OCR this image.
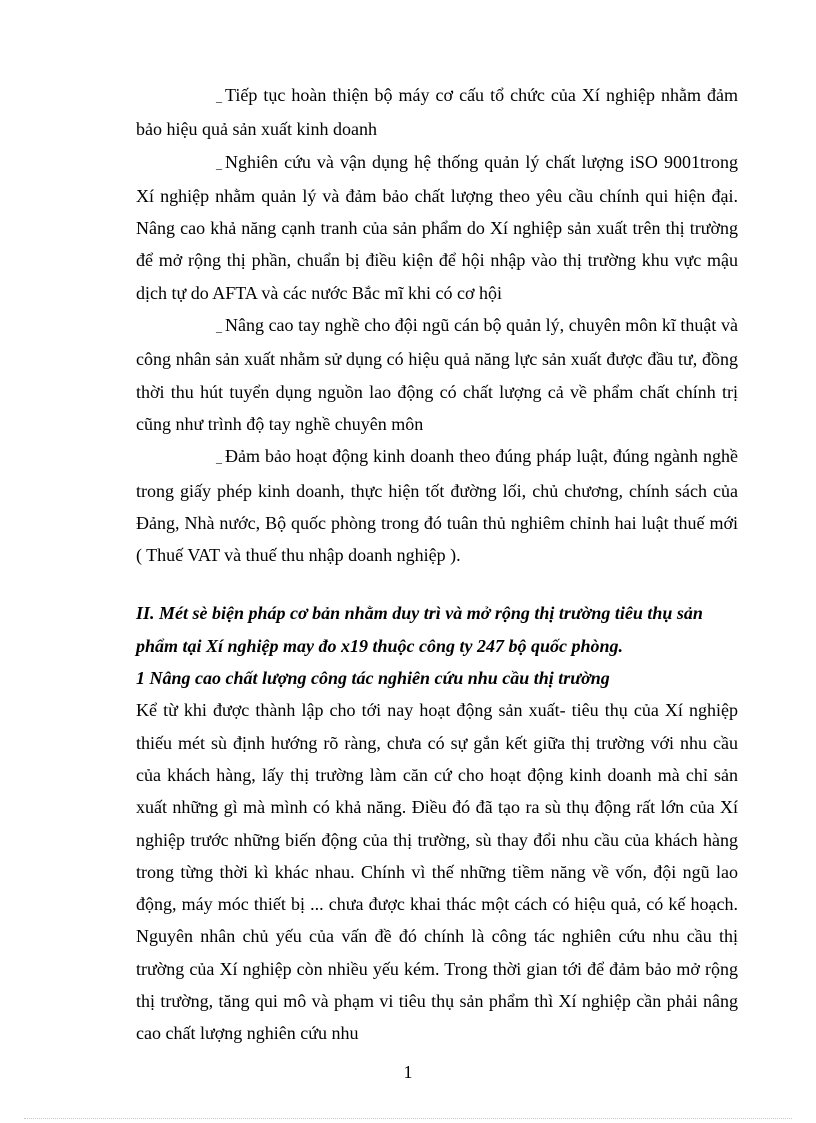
_ Tiếp tục hoàn thiện bộ máy cơ cấu tổ chức của Xí nghiệp nhằm đảm bảo hiệu quả sản xuất kinh doanh

_ Nghiên cứu và vận dụng hệ thống quản lý chất lượng iSO 9001trong Xí nghiệp nhằm quản lý và đảm bảo chất lượng theo yêu cầu chính qui hiện đại. Nâng cao khả năng cạnh tranh của sản phẩm do Xí nghiệp sản xuất trên thị trường để mở rộng thị phần, chuẩn bị điều kiện để hội nhập vào thị trường khu vực mậu dịch tự do AFTA và các nước Bắc mĩ khi có cơ hội

_ Nâng cao tay nghề cho đội ngũ cán bộ quản lý, chuyên môn kĩ thuật và công nhân sản xuất nhằm sử dụng có hiệu quả năng lực sản xuất được đầu tư, đồng thời thu hút tuyển dụng nguồn lao động có chất lượng cả về phẩm chất chính trị cũng như trình độ tay nghề chuyên môn

_ Đảm bảo hoạt động kinh doanh theo đúng pháp luật, đúng ngành nghề trong giấy phép kinh doanh, thực hiện tốt đường lối, chủ chương, chính sách của Đảng, Nhà nước, Bộ quốc phòng trong đó tuân thủ nghiêm chỉnh hai luật thuế mới ( Thuế VAT và thuế thu nhập doanh nghiệp ).

II. Mét sè biện pháp cơ bản nhằm duy trì và mở rộng thị trường tiêu thụ sản phẩm tại Xí nghiệp may đo x19 thuộc công ty 247 bộ quốc phòng.
1 Nâng cao chất lượng công tác nghiên cứu nhu cầu thị trường

Kể từ khi được thành lập cho tới nay hoạt động sản xuất- tiêu thụ của Xí nghiệp thiếu mét sù định hướng rõ ràng, chưa có sự gắn kết giữa thị trường với nhu cầu của khách hàng, lấy thị trường làm căn cứ cho hoạt động kinh doanh mà chỉ sản xuất những gì mà mình có khả năng. Điều đó đã tạo ra sù thụ động rất lớn của Xí nghiệp trước những biến động của thị trường, sù thay đổi nhu cầu của khách hàng trong từng thời kì khác nhau. Chính vì thế những tiềm năng về vốn, đội ngũ lao động, máy móc thiết bị ... chưa được khai thác một cách có hiệu quả, có kế hoạch. Nguyên nhân chủ yếu của vấn đề đó chính là công tác nghiên cứu nhu cầu thị trường của Xí nghiệp còn nhiều yếu kém. Trong thời gian tới để đảm bảo mở rộng thị trường, tăng qui mô và phạm vi tiêu thụ sản phẩm thì Xí nghiệp cần phải nâng cao chất lượng nghiên cứu nhu

1
